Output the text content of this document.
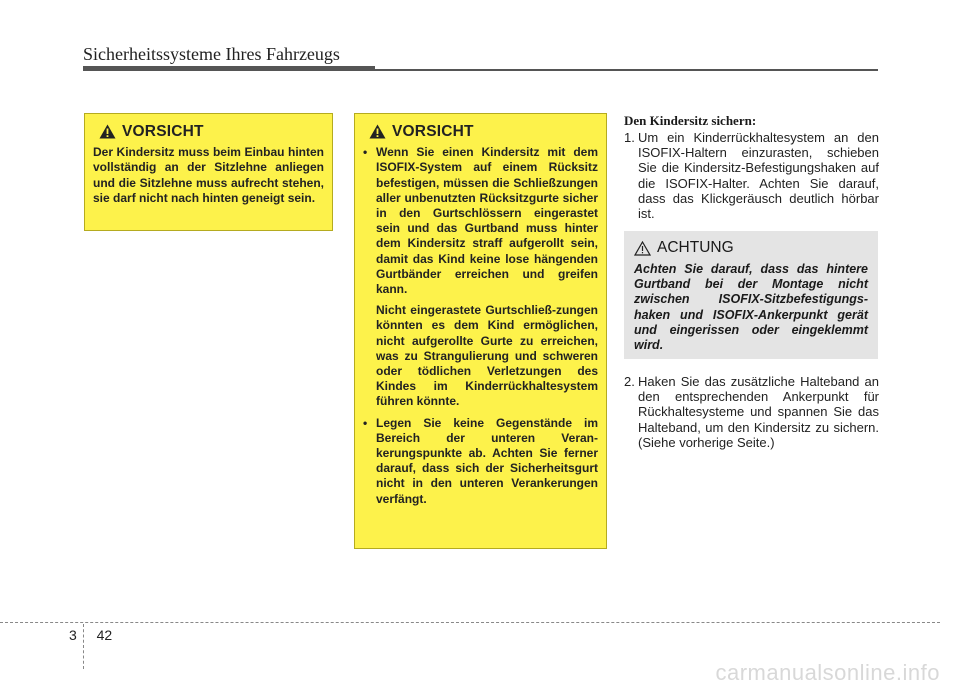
Sicherheitssysteme Ihres Fahrzeugs
VORSICHT
Der Kindersitz muss beim Einbau hinten vollständig an der Sitzlehne anliegen und die Sitzlehne muss aufrecht stehen, sie darf nicht nach hinten geneigt sein.
VORSICHT
• Wenn Sie einen Kindersitz mit dem ISOFIX-System auf einem Rücksitz befestigen, müssen die Schließzungen aller unbenutzten Rücksitzgurte sicher in den Gurtschlössern eingerastet sein und das Gurtband muss hinter dem Kindersitz straff aufgerollt sein, damit das Kind keine lose hängenden Gurtbänder erreichen und greifen kann.
Nicht eingerastete Gurtschließ-zungen könnten es dem Kind ermöglichen, nicht aufgerollte Gurte zu erreichen, was zu Strangulierung und schweren oder tödlichen Verletzungen des Kindes im Kinderrückhaltesystem führen könnte.
• Legen Sie keine Gegenstände im Bereich der unteren Veran-kerungspunkte ab. Achten Sie ferner darauf, dass sich der Sicherheitsgurt nicht in den unteren Verankerungen verfängt.
Den Kindersitz sichern:
1. Um ein Kinderrückhaltesystem an den ISOFIX-Haltern einzurasten, schieben Sie die Kindersitz-Befestigungshaken auf die ISOFIX-Halter. Achten Sie darauf, dass das Klickgeräusch deutlich hörbar ist.
ACHTUNG
Achten Sie darauf, dass das hintere Gurtband bei der Montage nicht zwischen ISOFIX-Sitzbefestigungs-haken und ISOFIX-Ankerpunkt gerät und eingerissen oder eingeklemmt wird.
2. Haken Sie das zusätzliche Halteband an den entsprechenden Ankerpunkt für Rückhaltesysteme und spannen Sie das Halteband, um den Kindersitz zu sichern. (Siehe vorherige Seite.)
3 42
carmanualsonline.info
